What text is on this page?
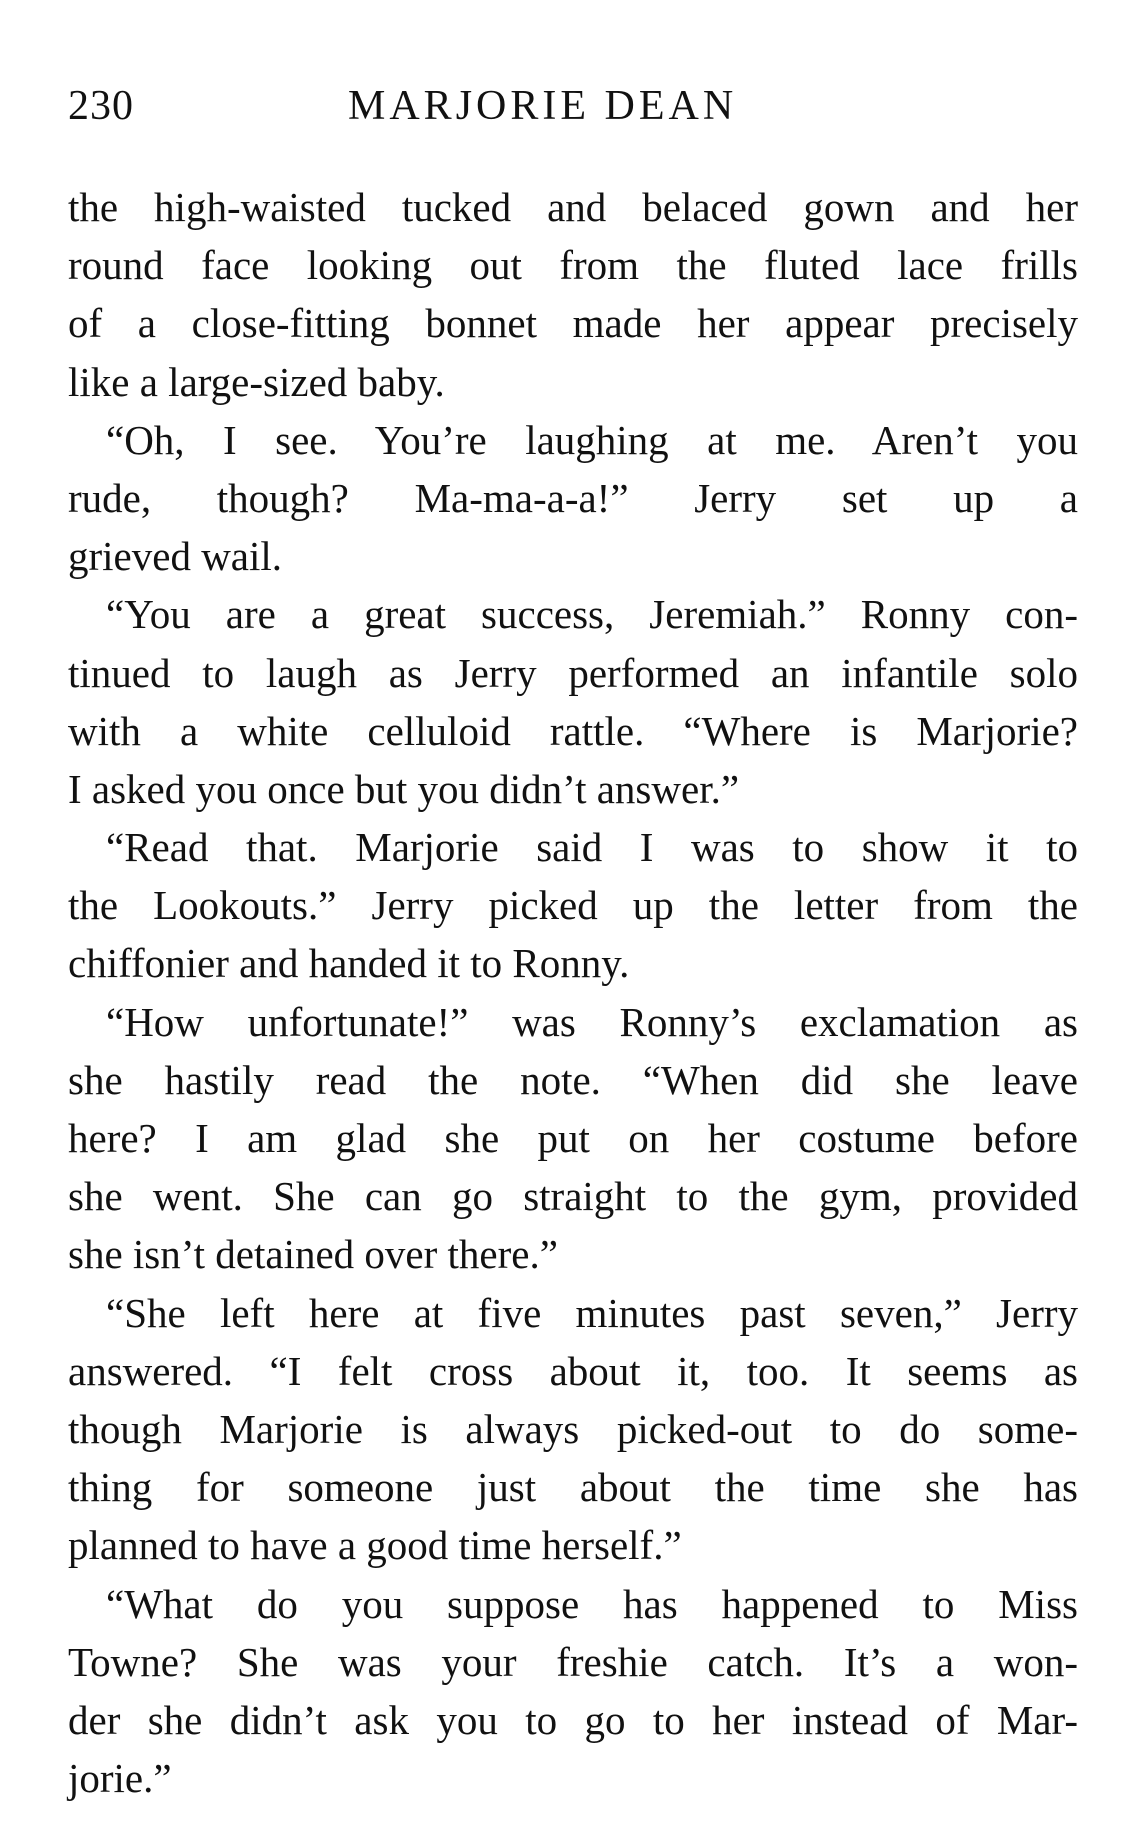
230	MARJORIE DEAN
the high-waisted tucked and belaced gown and her
round face looking out from the fluted lace frills
of a close-fitting bonnet made her appear precisely
like a large-sized baby.
“Oh, I see. You’re laughing at me. Aren’t you
rude, though? Ma-ma-a-a!” Jerry set up a
grieved wail.
“You are a great success, Jeremiah.” Ronny con-
tinued to laugh as Jerry performed an infantile solo
with a white celluloid rattle. “Where is Marjorie?
I asked you once but you didn’t answer.”
“Read that. Marjorie said I was to show it to
the Lookouts.” Jerry picked up the letter from the
chiffonier and handed it to Ronny.
“How unfortunate!” was Ronny’s exclamation as
she hastily read the note. “When did she leave
here? I am glad she put on her costume before
she went. She can go straight to the gym, provided
she isn’t detained over there.”
“She left here at five minutes past seven,” Jerry
answered. “I felt cross about it, too. It seems as
though Marjorie is always picked-out to do some-
thing for someone just about the time she has
planned to have a good time herself.”
“What do you suppose has happened to Miss
Towne? She was your freshie catch. It’s a won-
der she didn’t ask you to go to her instead of Mar-
jorie.”
